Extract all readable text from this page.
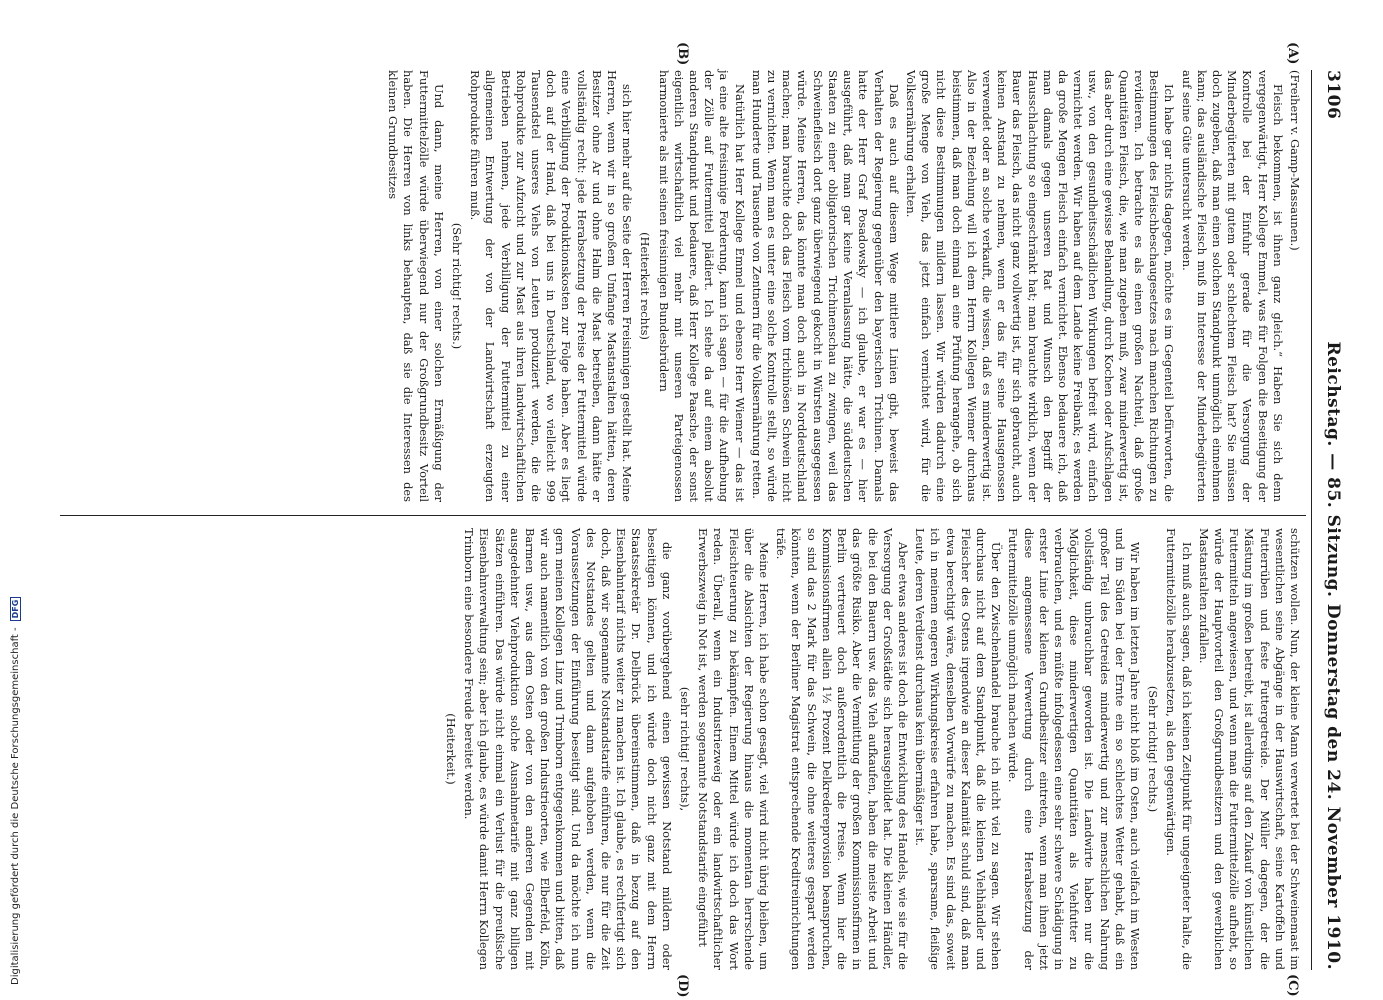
3106
Reichstag. — 85. Sitzung. Donnerstag den 24. November 1910.

(Freiherr v. Gamp-Massaunen.)

Fleisch bekommen, ist ihnen ganz gleich.“ Haben Sie sich denn vergegenwärtigt, Herr Kollege Emmel, was für Folgen die Beseitigung der Kontrolle bei der Einfuhr gerade für die Versorgung der Minderbegüterten mit gutem oder schlechtem Fleisch hat? Sie müssen doch zugeben, daß man einen solchen Standpunkt unmöglich einnehmen kann; das ausländische Fleisch muß im Interesse der Minderbegüterten auf seine Güte untersucht werden.

Ich habe gar nichts dagegen, möchte es im Gegenteil befürworten, die Bestimmungen des Fleischbeschaugesetzes nach manchen Richtungen zu revidieren. Ich betrachte es als einen großen Nachteil, daß große Quantitäten Fleisch, die, wie man zugeben muß, zwar minderwertig ist, das aber durch eine gewisse Behandlung, durch Kochen oder Aufschlagen usw., von den gesundheitsschädlichen Wirkungen befreit wird, einfach vernichtet werden. Wir haben auf dem Lande keine Freibank; es werden da große Mengen Fleisch einfach vernichtet. Ebenso bedauere ich, daß man damals gegen unseren Rat und Wunsch den Begriff der Hausschlachtung so eingeschränkt hat; man brauchte wirklich, wenn der Bauer das Fleisch, das nicht ganz vollwertig ist, für sich gebraucht, auch keinen Anstand zu nehmen, wenn er das für seine Hausgenossen verwendet oder an solche verkauft, die wissen, daß es minderwertig ist. Also in der Beziehung will ich dem Herrn Kollegen Wiemer durchaus beistimmen, daß man doch einmal an eine Prüfung herangehe, ob sich nicht diese Bestimmungen mildern lassen. Wir würden dadurch eine große Menge von Vieh, das jetzt einfach vernichtet wird, für die Volksernährung erhalten.

Daß es auch auf diesem Wege mittlere Linien gibt, beweist das Verhalten der Regierung gegenüber den bayerischen Trichinen. Damals hatte der Herr Graf Posadowsky — ich glaube, er war es — hier ausgeführt, daß man gar keine Veranlassung hätte, die süddeutschen Staaten zu einer obligatorischen Trichinenschau zu zwingen, weil das Schweinefleisch dort ganz überwiegend gekocht in Würsten ausgegessen würde. Meine Herren, das könnte man doch auch in Norddeutschland machen; man brauchte doch das Fleisch vom trichinösen Schwein nicht zu vernichten. Wenn man es unter eine solche Kontrolle stellt, so würde man Hunderte und Tausende von Zentnern für die Volksernährung retten.

Natürlich hat Herr Kollege Emmel und ebenso Herr Wiemer — das ist ja eine alte freisinnige Forderung, kann ich sagen — für die Aufhebung der Zölle auf Futtermittel plädiert. Ich stehe da auf einem absolut anderen Standpunkt und bedauere, daß Herr Kollege Paasche, der sonst eigentlich wirtschaftlich viel mehr mit unseren Parteigenossen harmonierte als mit seinen freisinnigen Bundesbrüdern

(Heiterkeit rechts)

sich hier mehr auf die Seite der Herren Freisinnigen gestellt hat. Meine Herren, wenn wir in so großem Umfange Mastanstalten hätten, deren Besitzer ohne Ar und ohne Halm die Mast betreiben, dann hätte er vollständig recht: jede Herabsetzung der Preise der Futtermittel würde eine Verbilligung der Produktionskosten zur Folge haben. Aber es liegt doch auf der Hand, daß bei uns in Deutschland, wo vielleicht 999 Tausendstel unseres Viehs von Leuten produziert werden, die die Rohprodukte zur Aufzucht und zur Mast aus ihren landwirtschaftlichen Betrieben nehmen, jede Verbilligung der Futtermittel zu einer allgemeinen Entwertung der von der Landwirtschaft erzeugten Rohprodukte führen muß.

(Sehr richtig! rechts.)

Und dann, meine Herren, von einer solchen Ermäßigung der Futtermittelzölle würde überwiegend nur der Großgrundbesitz Vorteil haben. Die Herren von links behaupten, daß sie die Interessen des kleinen Grundbesitzes

schützen wollen. Nun, der kleine Mann verwertet bei der Schweinemast im wesentlichen seine Abgänge in der Hauswirtschaft, seine Kartoffeln und Futterrüben und feste Futtergetreide. Der Müller dagegen, der die Mästung im großen betreibt, ist allerdings auf den Zukauf von künstlichen Futtermitteln angewiesen, und wenn man die Futtermittelzölle aufhebt, so würde der Hauptvorteil den Großgrundbesitzern und den gewerblichen Mastanstalten zufallen.

Ich muß auch sagen, daß ich keinen Zeitpunkt für ungeeigneter halte, die Futtermittelzölle herabzusetzen, als den gegenwärtigen.

(Sehr richtig! rechts.)

Wir haben im letzten Jahre nicht bloß im Osten, auch vielfach im Westen und im Süden bei der Ernte ein so schlechtes Wetter gehabt, daß ein großer Teil des Getreides minderwertig und zur menschlichen Nahrung vollständig unbrauchbar geworden ist. Die Landwirte haben nur die Möglichkeit, diese minderwertigen Quantitäten als Viehfutter zu verbrauchen, und es müßte infolgedessen eine sehr schwere Schädigung in erster Linie der kleinen Grundbesitzer eintreten, wenn man ihnen jetzt diese angemessene Verwertung durch eine Herabsetzung der Futtermittelzölle unmöglich machen würde.

Über den Zwischenhandel brauche ich nicht viel zu sagen. Wir stehen durchaus nicht auf dem Standpunkt, daß die kleinen Viehhändler und Fleischer des Ostens irgendwie an dieser Kalamität schuld sind, daß man etwa berechtigt wäre, denselben Vorwürfe zu machen. Es sind das, soweit ich in meinem engeren Wirkungskreise erfahren habe, sparsame, fleißige Leute, deren Verdienst durchaus kein übermäßiger ist.

Aber etwas anderes ist doch die Entwicklung des Handels, wie sie für die Versorgung der Großstädte sich herausgebildet hat. Die kleinen Händler, die bei den Bauern usw. das Vieh aufkaufen, haben die meiste Arbeit und das größte Risiko. Aber die Vermittlung der großen Kommissionsfirmen in Berlin vertreuert doch außerordentlich die Preise. Wenn hier die Kommissionsfirmen allein 1½ Prozent Delkredereprovision beanspruchen, so sind das 2 Mark für das Schwein, die ohne weiteres gespart werden könnten, wenn der Berliner Magistrat entsprechende Kreditreinrichtungen träfe.

Meine Herren, ich habe schon gesagt, viel wird nicht übrig bleiben, um über die Absichten der Regierung hinaus die momentan herrschende Fleischteuerung zu bekämpfen. Einem Mittel würde ich doch das Wort reden. Überall, wenn ein Industriezweig oder ein landwirtschaftlicher Erwerbszweig in Not ist, werden sogenannte Notstandstarife eingeführt

(sehr richtig! rechts),

die ganz vorübergehend einen gewissen Notstand mildern oder beseitigen können, und ich würde doch nicht ganz mit dem Herrn Staatssekretär Dr. Delbrück übereinstimmen, daß in bezug auf den Eisenbahntarif nichts weiter zu machen ist. Ich glaube, es rechtfertigt sich doch, daß wir sogenannte Notstandstarife einführen, die nur für die Zeit des Notstandes gelten und dann aufgehoben werden, wenn die Voraussetzungen der Einführung beseitigt sind. Und da möchte ich nun gern meinen Kollegen Linz und Trimborn entgegenkommen und bitten, daß wir auch namentlich von den großen Industrieorten, wie Elberfeld, Köln, Barmen usw., aus dem Osten oder von den anderen Gegenden mit ausgedehnter Viehproduktion solche Ausnahmetarife mit ganz billigen Sätzen einführen. Das würde nicht einmal ein Verlust für die preußische Eisenbahnverwaltung sein; aber ich glaube, es würde damit Herrn Kollegen Trimborn eine besondere Freude bereitet werden.

(Heiterkeit.)

(A)
(B)
(C)
(D)
Digitalisierung gefördert durch die Deutsche Forschungsgemeinschaft -
DFG
